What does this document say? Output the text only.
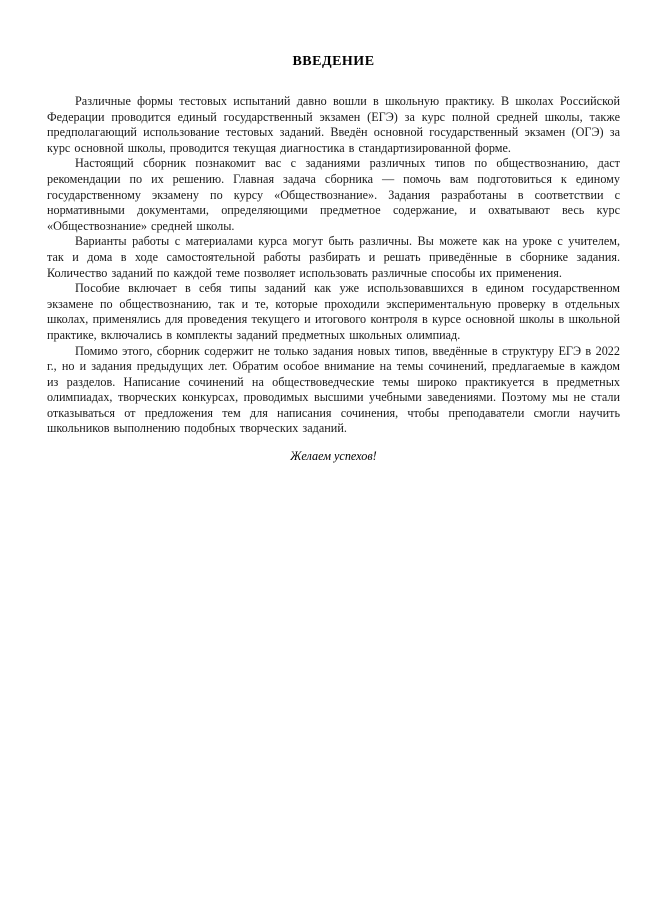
ВВЕДЕНИЕ

Различные формы тестовых испытаний давно вошли в школьную практику. В школах Российской Федерации проводится единый государственный экзамен (ЕГЭ) за курс полной средней школы, также предполагающий использование тестовых заданий. Введён основной государственный экзамен (ОГЭ) за курс основной школы, проводится текущая диагностика в стандартизированной форме.

Настоящий сборник познакомит вас с заданиями различных типов по обществознанию, даст рекомендации по их решению. Главная задача сборника — помочь вам подготовиться к единому государственному экзамену по курсу «Обществознание». Задания разработаны в соответствии с нормативными документами, определяющими предметное содержание, и охватывают весь курс «Обществознание» средней школы.

Варианты работы с материалами курса могут быть различны. Вы можете как на уроке с учителем, так и дома в ходе самостоятельной работы разбирать и решать приведённые в сборнике задания. Количество заданий по каждой теме позволяет использовать различные способы их применения.

Пособие включает в себя типы заданий как уже использовавшихся в едином государственном экзамене по обществознанию, так и те, которые проходили экспериментальную проверку в отдельных школах, применялись для проведения текущего и итогового контроля в курсе основной школы в школьной практике, включались в комплекты заданий предметных школьных олимпиад.

Помимо этого, сборник содержит не только задания новых типов, введённые в структуру ЕГЭ в 2022 г., но и задания предыдущих лет. Обратим особое внимание на темы сочинений, предлагаемые в каждом из разделов. Написание сочинений на обществоведческие темы широко практикуется в предметных олимпиадах, творческих конкурсах, проводимых высшими учебными заведениями. Поэтому мы не стали отказываться от предложения тем для написания сочинения, чтобы преподаватели смогли научить школьников выполнению подобных творческих заданий.

Желаем успехов!
